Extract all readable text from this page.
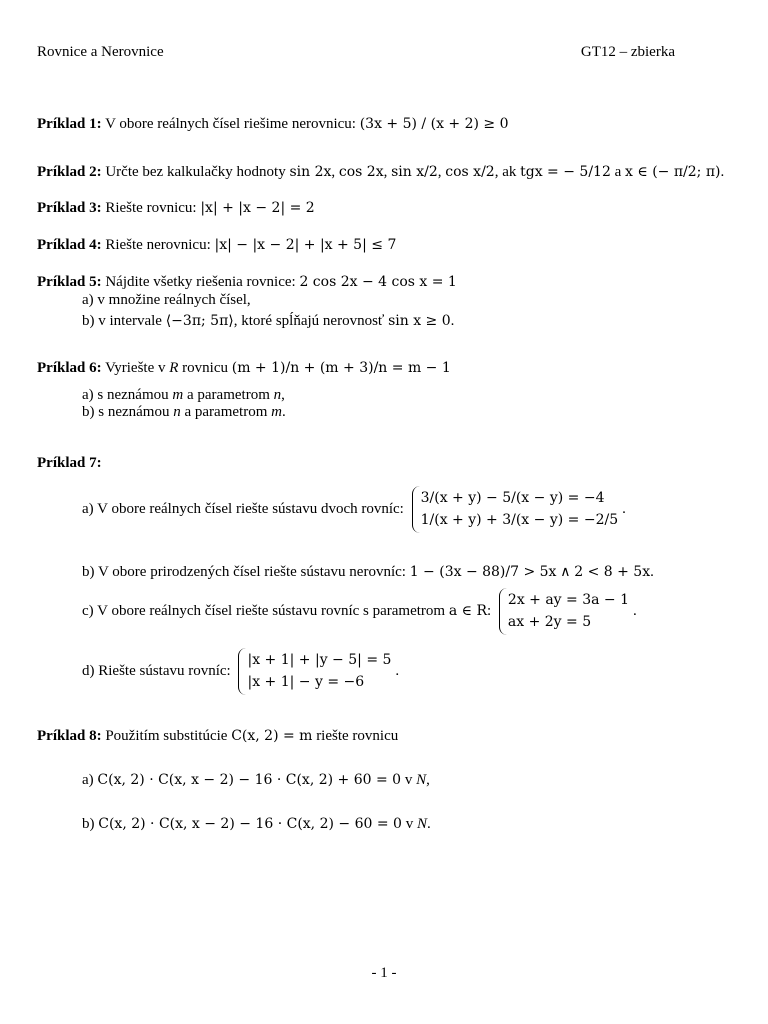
Rovnice a Nerovnice	GT12 – zbierka
Príklad 1: V obore reálnych čísel riešime nerovnicu: (3x + 5) / (x + 2) ≥ 0
Príklad 2: Určte bez kalkulačky hodnoty sin 2x, cos 2x, sin x/2, cos x/2, ak tgx = − 5/12 a x ∈ (− π/2; π).
Príklad 3: Riešte rovnicu: |x| + |x − 2| = 2
Príklad 4: Riešte nerovnicu: |x| − |x − 2| + |x + 5| ≤ 7
Príklad 5: Nájdite všetky riešenia rovnice: 2 cos 2x − 4 cos x = 1
a) v množine reálnych čísel,
b) v intervale ⟨−3π; 5π⟩, ktoré spĺňajú nerovnosť sin x ≥ 0.
Príklad 6: Vyriešte v R rovnicu (m + 1)/n + (m + 3)/n = m − 1
a) s neznámou m a parametrom n,
b) s neznámou n a parametrom m.
Príklad 7:
a) V obore reálnych čísel riešte sústavu dvoch rovníc:
3/(x + y) − 5/(x − y) = −4
1/(x + y) + 3/(x − y) = −2/5
.
b) V obore prirodzených čísel riešte sústavu nerovníc: 1 − (3x − 88)/7 > 5x ∧ 2 < 8 + 5x.
c) V obore reálnych čísel riešte sústavu rovníc s parametrom a ∈ R:
2x + ay = 3a − 1
ax + 2y = 5
.
d) Riešte sústavu rovníc:
|x + 1| + |y − 5| = 5
|x + 1| − y = −6
.
Príklad 8: Použitím substitúcie C(x, 2) = m riešte rovnicu
a) C(x, 2) · C(x, x − 2) − 16 · C(x, 2) + 60 = 0 v N,
b) C(x, 2) · C(x, x − 2) − 16 · C(x, 2) − 60 = 0 v N.
- 1 -
